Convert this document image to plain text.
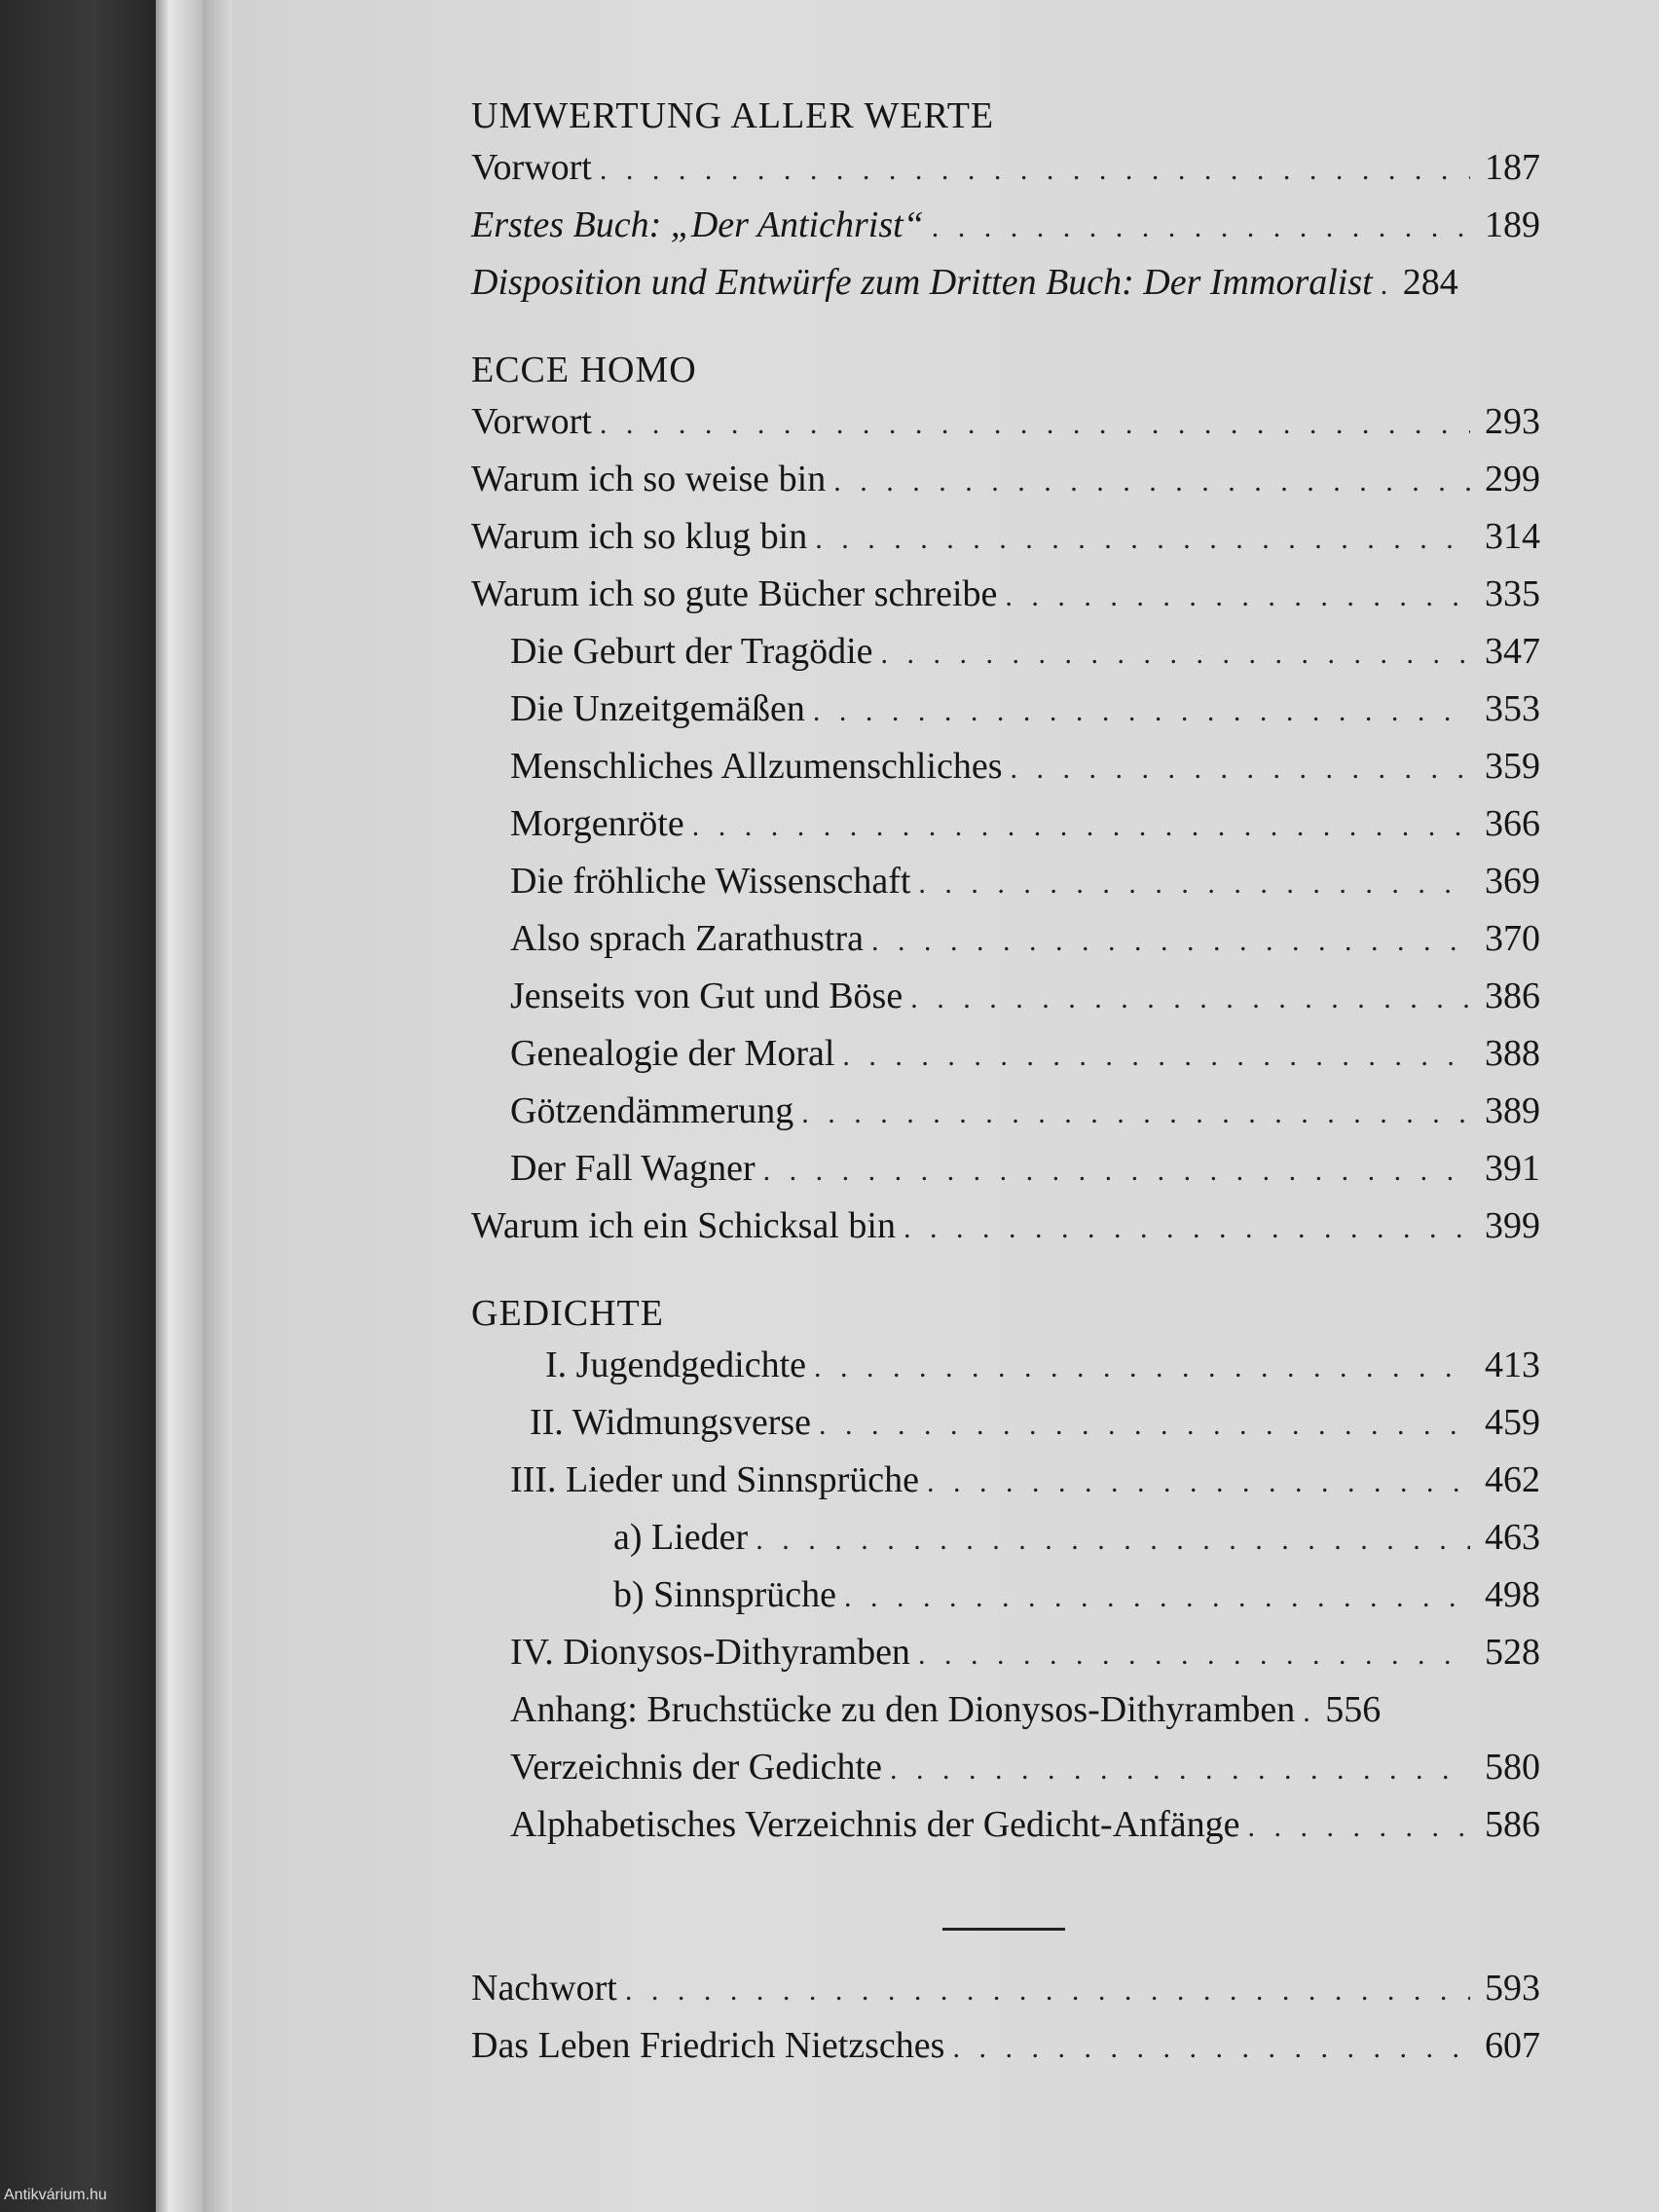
UMWERTUNG ALLER WERTE
Vorwort . . .	187
Erstes Buch: „Der Antichrist“ . . .	189
Disposition und Entwürfe zum Dritten Buch: Der Immoralist . . . 284
ECCE HOMO
Vorwort . . .	293
Warum ich so weise bin . . .	299
Warum ich so klug bin . . .	314
Warum ich so gute Bücher schreibe . . .	335
Die Geburt der Tragödie . . .	347
Die Unzeitgemäßen . . .	353
Menschliches Allzumenschliches . . .	359
Morgenröte . . .	366
Die fröhliche Wissenschaft . . .	369
Also sprach Zarathustra . . .	370
Jenseits von Gut und Böse . . .	386
Genealogie der Moral . . .	388
Götzendämmerung . . .	389
Der Fall Wagner . . .	391
Warum ich ein Schicksal bin . . .	399
GEDICHTE
I. Jugendgedichte . . .	413
II. Widmungsverse . . .	459
III. Lieder und Sinnsprüche . . .	462
a) Lieder . . .	463
b) Sinnsprüche . . .	498
IV. Dionysos-Dithyramben . . .	528
Anhang: Bruchstücke zu den Dionysos-Dithyramben . . . 556
Verzeichnis der Gedichte . . .	580
Alphabetisches Verzeichnis der Gedicht-Anfänge . . .	586
Nachwort . . .	593
Das Leben Friedrich Nietzsches . . .	607
Antikvárium.hu
